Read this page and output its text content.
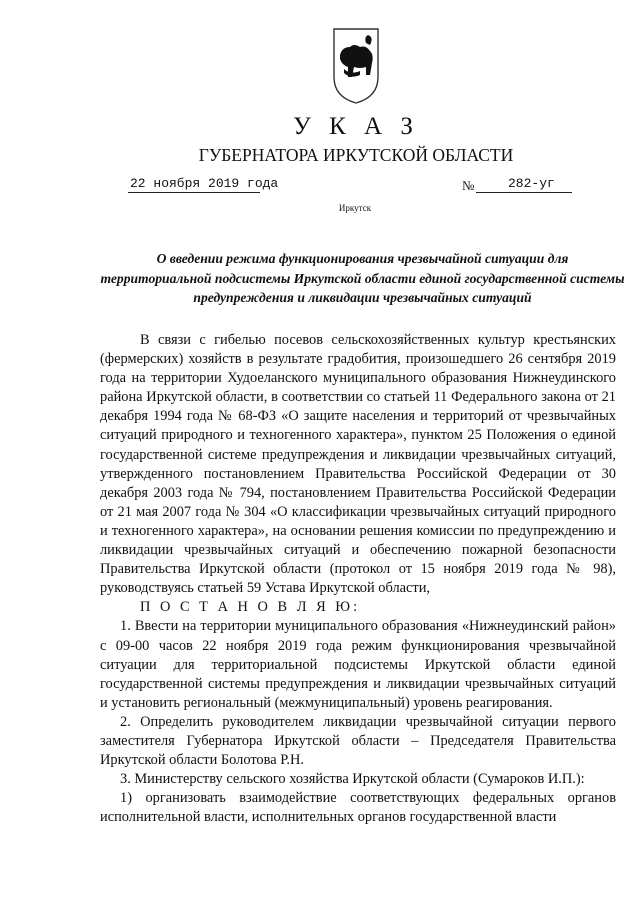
У К А З
ГУБЕРНАТОРА ИРКУТСКОЙ ОБЛАСТИ
22 ноября 2019 года	№	282-уг
Иркутск
О введении режима функционирования чрезвычайной ситуации для территориальной подсистемы Иркутской области единой государственной системы предупреждения и ликвидации чрезвычайных ситуаций

В связи с гибелью посевов сельскохозяйственных культур крестьянских (фермерских) хозяйств в результате градобития, произошедшего 26 сентября 2019 года на территории Худоеланского муниципального образования Нижнеудинского района Иркутской области, в соответствии со статьей 11 Федерального закона от 21 декабря 1994 года № 68-ФЗ «О защите населения и территорий от чрезвычайных ситуаций природного и техногенного характера», пунктом 25 Положения о единой государственной системе предупреждения и ликвидации чрезвычайных ситуаций, утвержденного постановлением Правительства Российской Федерации от 30 декабря 2003 года № 794, постановлением Правительства Российской Федерации от 21 мая 2007 года № 304 «О классификации чрезвычайных ситуаций природного и техногенного характера», на основании решения комиссии по предупреждению и ликвидации чрезвычайных ситуаций и обеспечению пожарной безопасности Правительства Иркутской области (протокол от 15 ноября 2019 года № 98), руководствуясь статьей 59 Устава Иркутской области,

П О С Т А Н О В Л Я Ю:

1. Ввести на территории муниципального образования «Нижнеудинский район» с 09-00 часов 22 ноября 2019 года режим функционирования чрезвычайной ситуации для территориальной подсистемы Иркутской области единой государственной системы предупреждения и ликвидации чрезвычайных ситуаций и установить региональный (межмуниципальный) уровень реагирования.

2. Определить руководителем ликвидации чрезвычайной ситуации первого заместителя Губернатора Иркутской области – Председателя Правительства Иркутской области Болотова Р.Н.

3. Министерству сельского хозяйства Иркутской области (Сумароков И.П.):

1) организовать взаимодействие соответствующих федеральных органов исполнительной власти, исполнительных органов государственной власти
